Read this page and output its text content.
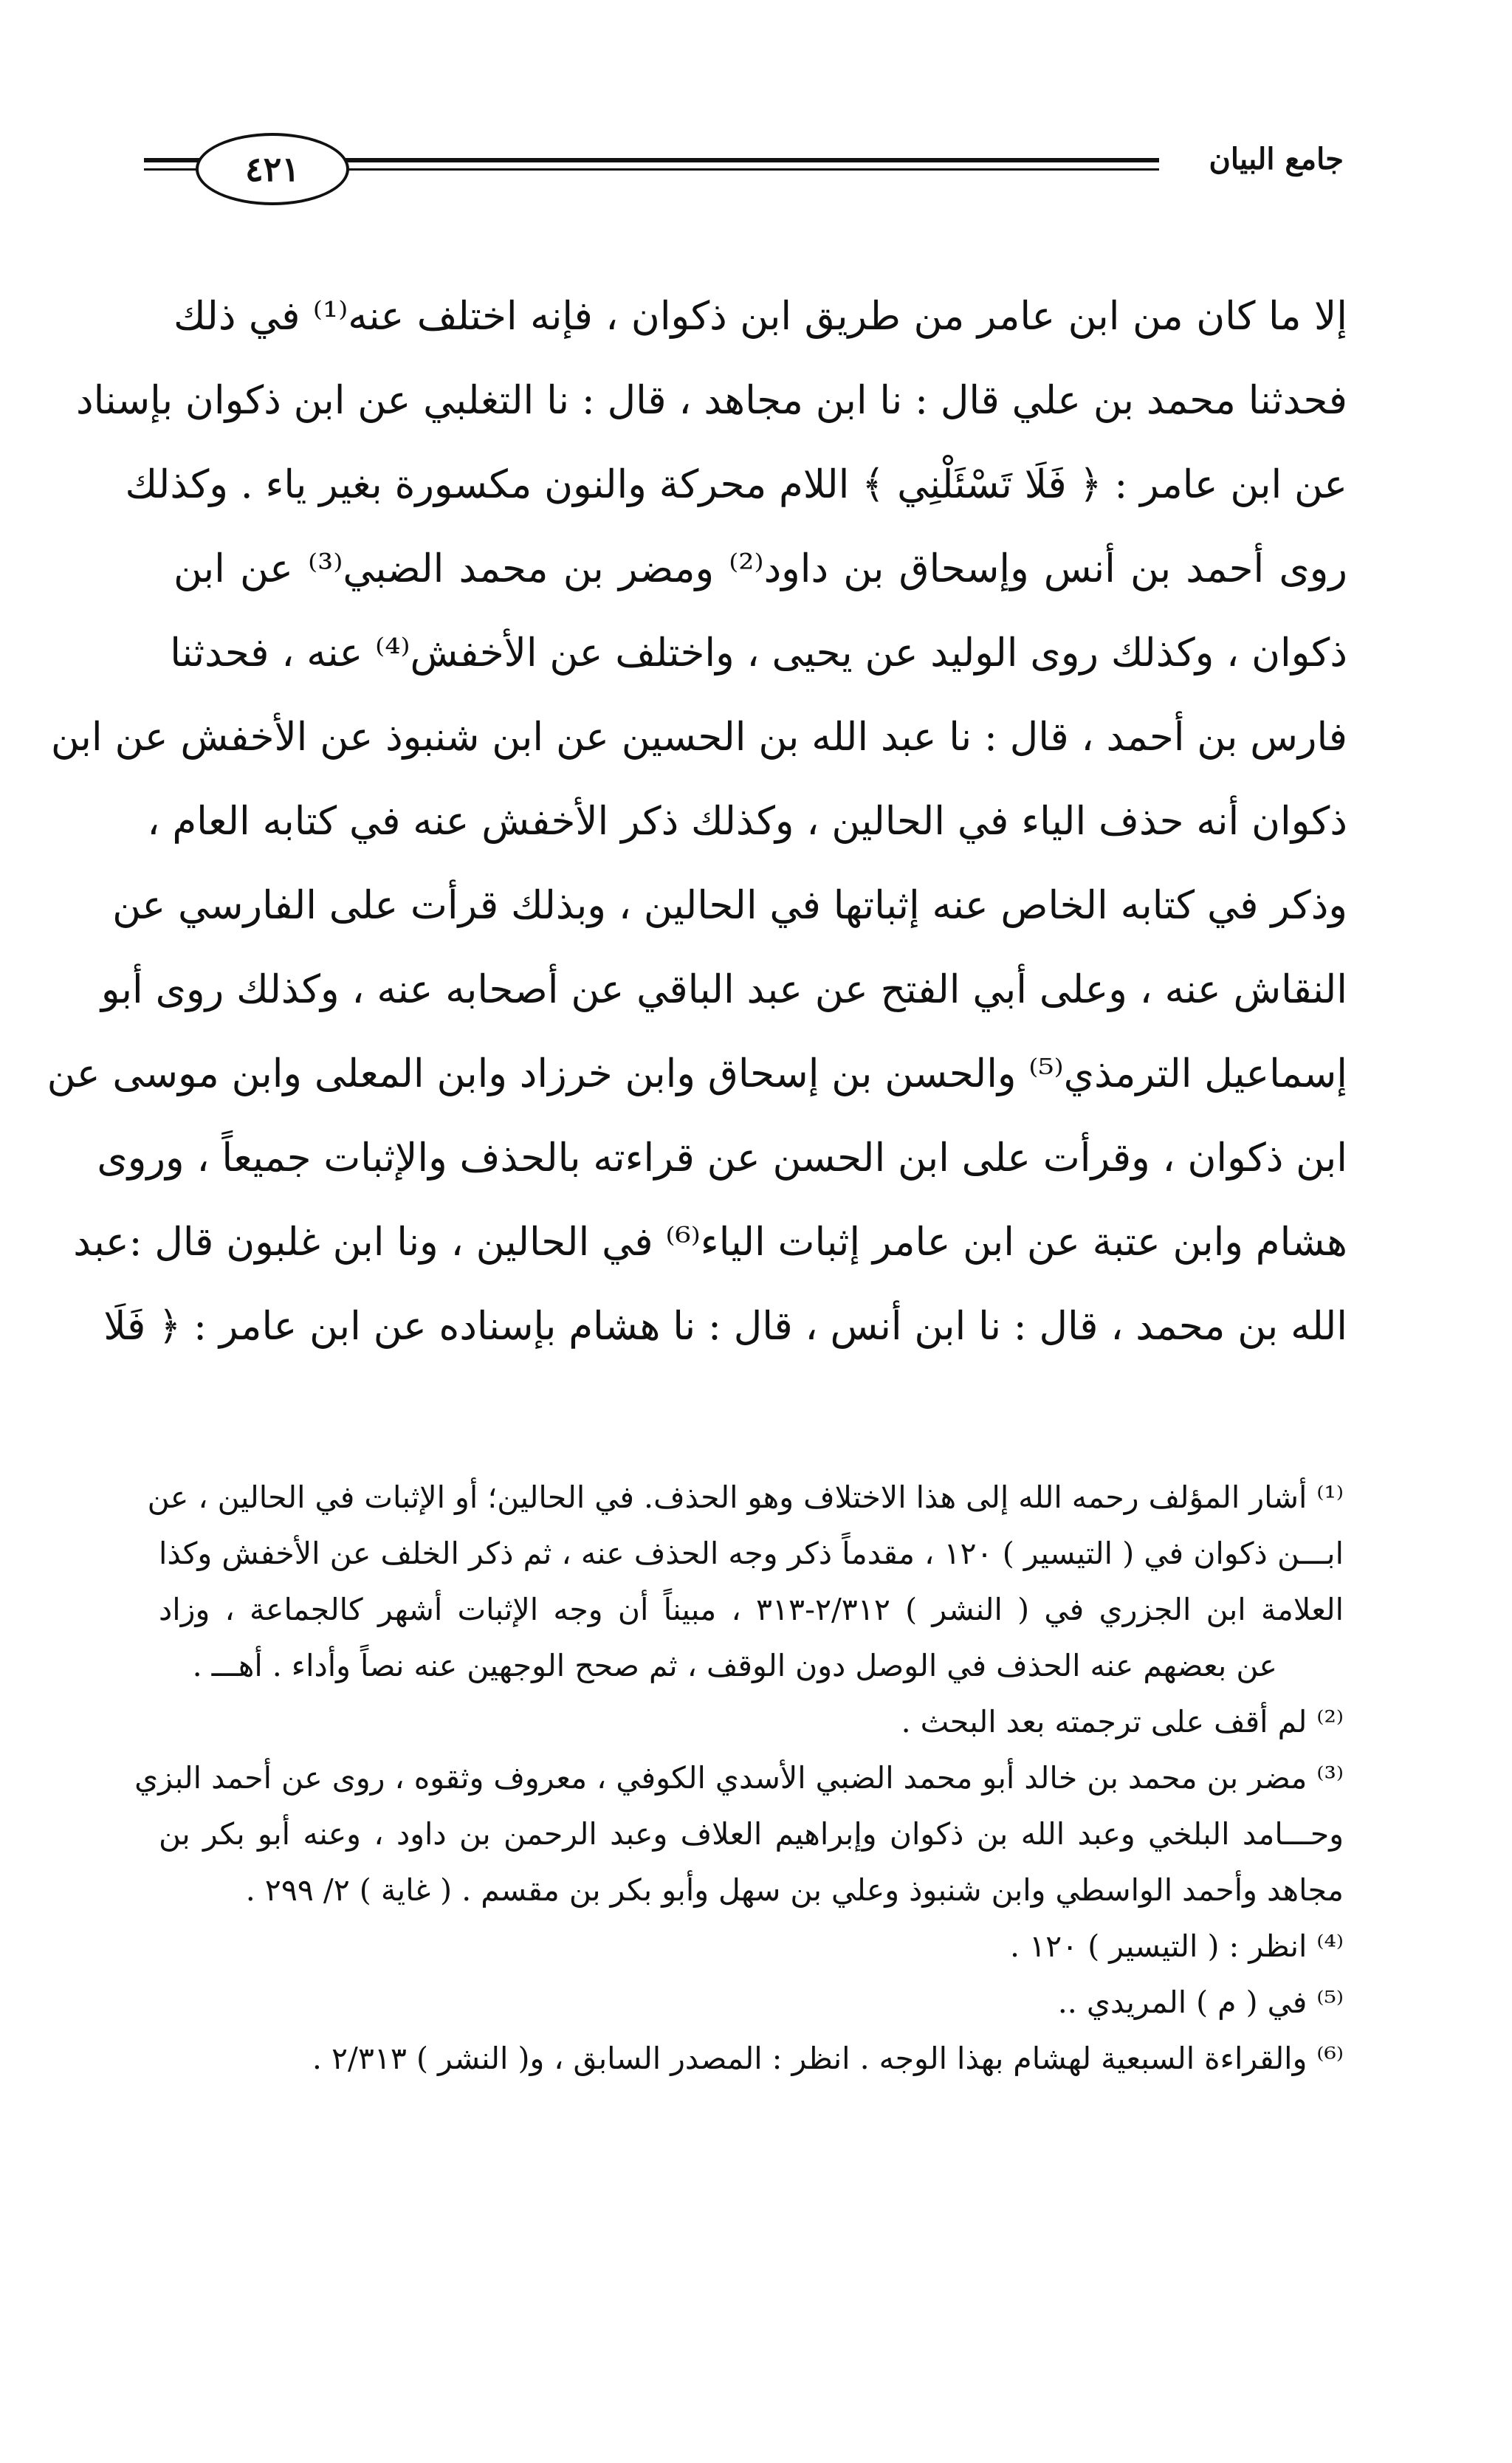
٤٢١	جامع البيان
إلا ما كان من ابن عامر من طريق ابن ذكوان ، فإنه اختلف عنه⁽¹⁾ في ذلك
فحدثنا محمد بن علي قال : نا ابن مجاهد ، قال : نا التغلبي عن ابن ذكوان بإسناد
عن ابن عامر : ﴿ فَلَا تَسْئَلْنِي ﴾ اللام محركة والنون مكسورة بغير ياء . وكذلك
روى أحمد بن أنس وإسحاق بن داود⁽²⁾ ومضر بن محمد الضبي⁽³⁾ عن ابن
ذكوان ، وكذلك روى الوليد عن يحيى ، واختلف عن الأخفش⁽⁴⁾ عنه ، فحدثنا
فارس بن أحمد ، قال : نا عبد الله بن الحسين عن ابن شنبوذ عن الأخفش عن ابن
ذكوان أنه حذف الياء في الحالين ، وكذلك ذكر الأخفش عنه في كتابه العام ،
وذكر في كتابه الخاص عنه إثباتها في الحالين ، وبذلك قرأت على الفارسي عن
النقاش عنه ، وعلى أبي الفتح عن عبد الباقي عن أصحابه عنه ، وكذلك روى أبو
إسماعيل الترمذي⁽⁵⁾ والحسن بن إسحاق وابن خرزاد وابن المعلى وابن موسى عن
ابن ذكوان ، وقرأت على ابن الحسن عن قراءته بالحذف والإثبات جميعاً ، وروى
هشام وابن عتبة عن ابن عامر إثبات الياء⁽⁶⁾ في الحالين ، ونا ابن غلبون قال :عبد
الله بن محمد ، قال : نا ابن أنس ، قال : نا هشام بإسناده عن ابن عامر : ﴿ فَلَا
⁽¹⁾ أشار المؤلف رحمه الله إلى هذا الاختلاف وهو الحذف. في الحالين؛ أو الإثبات في الحالين ، عن
ابـــن ذكوان في ( التيسير ) ١٢٠ ، مقدماً ذكر وجه الحذف عنه ، ثم ذكر الخلف عن الأخفش وكذا
العلامة ابن الجزري في ( النشر ) ٢/٣١٢-٣١٣ ، مبيناً أن وجه الإثبات أشهر كالجماعة ، وزاد
عن بعضهم عنه الحذف في الوصل دون الوقف ، ثم صحح الوجهين عنه نصاً وأداء . أهـــ .
⁽²⁾ لم أقف على ترجمته بعد البحث .
⁽³⁾ مضر بن محمد بن خالد أبو محمد الضبي الأسدي الكوفي ، معروف وثقوه ، روى عن أحمد البزي
وحـــامد البلخي وعبد الله بن ذكوان وإبراهيم العلاف وعبد الرحمن بن داود ، وعنه أبو بكر بن
مجاهد وأحمد الواسطي وابن شنبوذ وعلي بن سهل وأبو بكر بن مقسم . ( غاية ) ٢/ ٢٩٩ .
⁽⁴⁾ انظر : ( التيسير ) ١٢٠ .
⁽⁵⁾ في ( م ) المريدي ..
⁽⁶⁾ والقراءة السبعية لهشام بهذا الوجه . انظر : المصدر السابق ، و( النشر ) ٢/٣١٣ .
